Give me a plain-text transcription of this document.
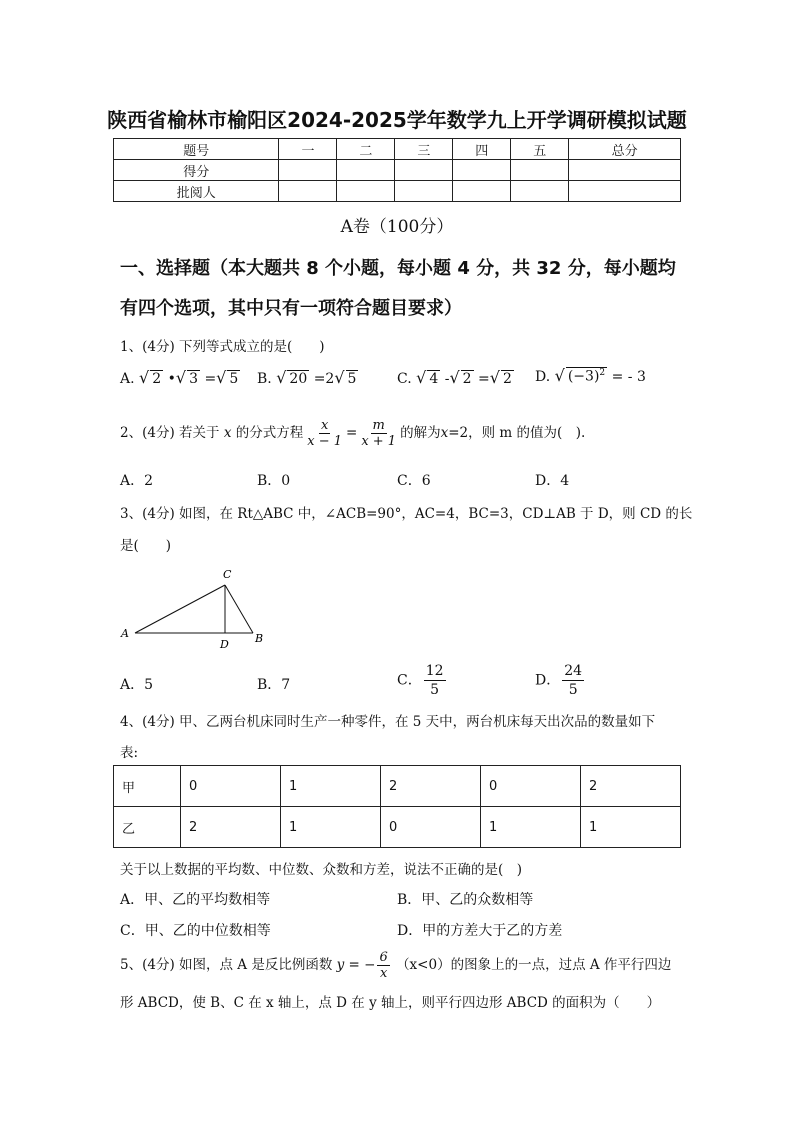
陕西省榆林市榆阳区2024-2025学年数学九上开学调研模拟试题
题号	一	二	三	四	五	总分
得分						
批阅人						
A卷（100分）
一、选择题（本大题共 8 个小题，每小题 4 分，共 32 分，每小题均
有四个选项，其中只有一项符合题目要求）
1、(4分) 下列等式成立的是(　　)
A. √ 2 •√ 3 =√ 5 B. √ 20 =2√ 5	C. √ 4 -√ 2 =√ 2 D. √ $(-3)^2$ = - 3
2、(4分) 若关于 x 的分式方程 $\frac{x}{x - 1} = \frac{m}{x + 1}$ 的解为x=2，则 m 的值为(　).
A．2	B．0	C．6	D．4
3、(4分) 如图，在 Rt△ABC 中，∠ACB=90°，AC=4，BC=3，CD⊥AB 于 D，则 CD 的长
是(　　)
A	B
C
D
A．5	B．7	C． $\frac{12}{5}$	D． $\frac{24}{5}$
4、(4分) 甲、乙两台机床同时生产一种零件，在 5 天中，两台机床每天出次品的数量如下
表:
甲	0	1	2	0	2
乙	2	1	0	1	1
关于以上数据的平均数、中位数、众数和方差，说法不正确的是(　)
A．甲、乙的平均数相等	B．甲、乙的众数相等
C．甲、乙的中位数相等	D．甲的方差大于乙的方差
5、(4分) 如图，点 A 是反比例函数 y = − $\frac{6}{x} (x<0)$的图象上的一点，过点 A 作平行四边
形 ABCD，使 B、C 在 x 轴上，点 D 在 y 轴上，则平行四边形 ABCD 的面积为（　　）
